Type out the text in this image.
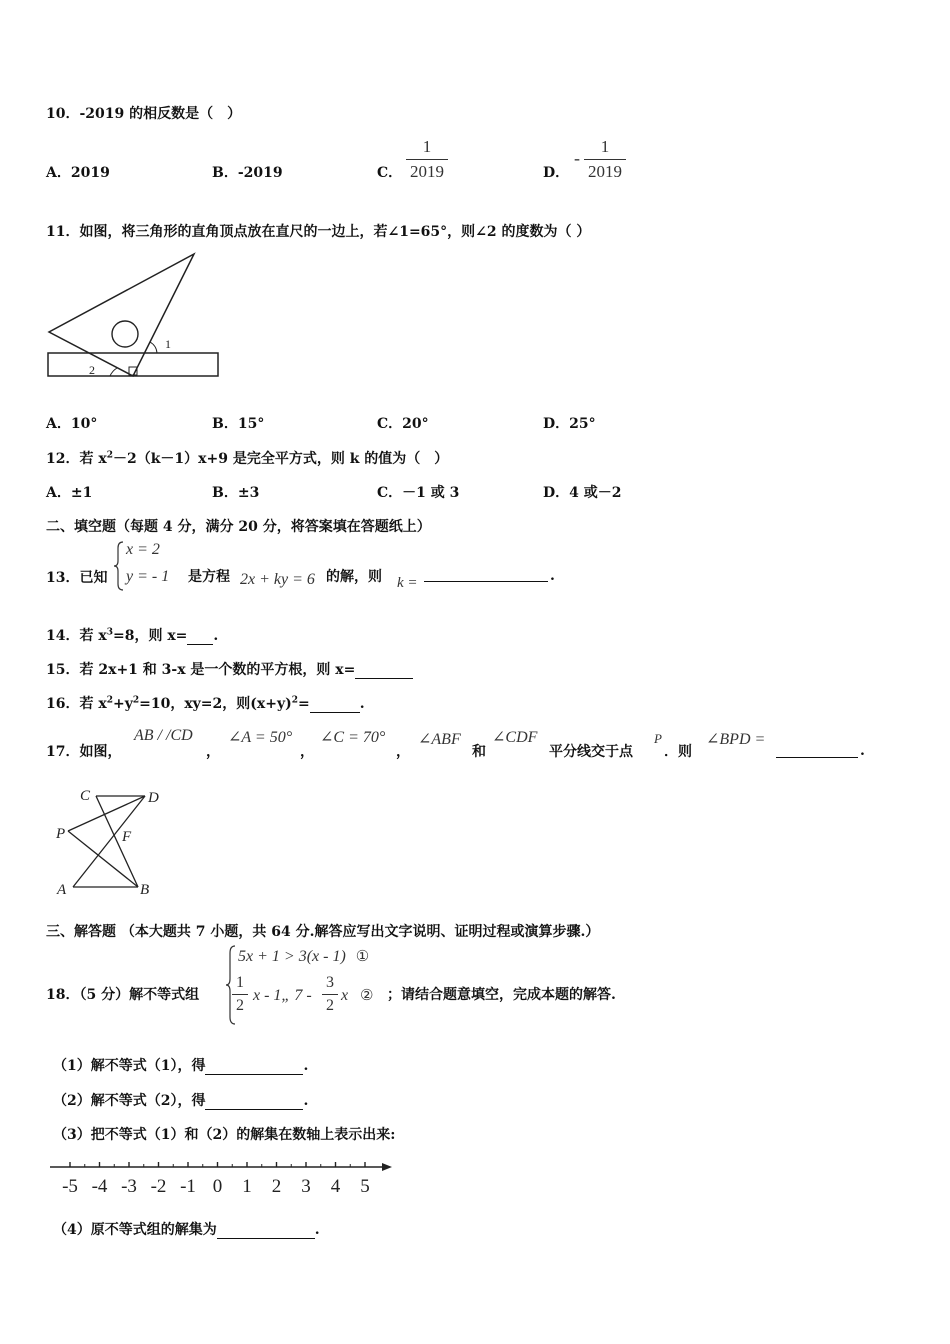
10．-2019 的相反数是（　）
A．2019	B．-2019	C．
1
2019	D．
-
1
2019
11．如图，将三角形的直角顶点放在直尺的一边上，若∠1=65°，则∠2 的度数为（ ）
1
2
A．10°	B．15°	C．20°	D．25°
12．若 $x^2-2(k-1)x+9$ 是完全平方式，则 k 的值为（　）
A．±1	B．±3	C．－1 或 3	D．4 或－2
二、填空题（每题 4 分，满分 20 分，将答案填在答题纸上）
13．已知
x = 2
y = - 1 是方程 2x + ky = 6 的解，则 k =	.
14．若 $x^3=8$，则 x= .
15．若 2x+1 和 3-x 是一个数的平方根，则 x=
16．若 $x^2+y^2=10$，xy=2，则$(x+y)^2=$	.
17．如图，
AB / /CD
，
∠A = 50°
，
∠C = 70°
，
∠ABF
和
∠CDF
平分线交于点
P
．则
∠BPD =
.
C	D
P	F
A	B
三、解答题 （本大题共 7 小题，共 64 分.解答应写出文字说明、证明过程或演算步骤.）
18．（5 分）解不等式组
5x + 1 > 3(x - 1) ①
1
2
x - 1„ 7 -
3
2
x ② ；请结合题意填空，完成本题的解答.
（1）解不等式（1），得	.
（2）解不等式（2），得	.
（3）把不等式（1）和（2）的解集在数轴上表示出来:
-5 -4 -3 -2 -1 0 1 2 3 4 5
（4）原不等式组的解集为	.
